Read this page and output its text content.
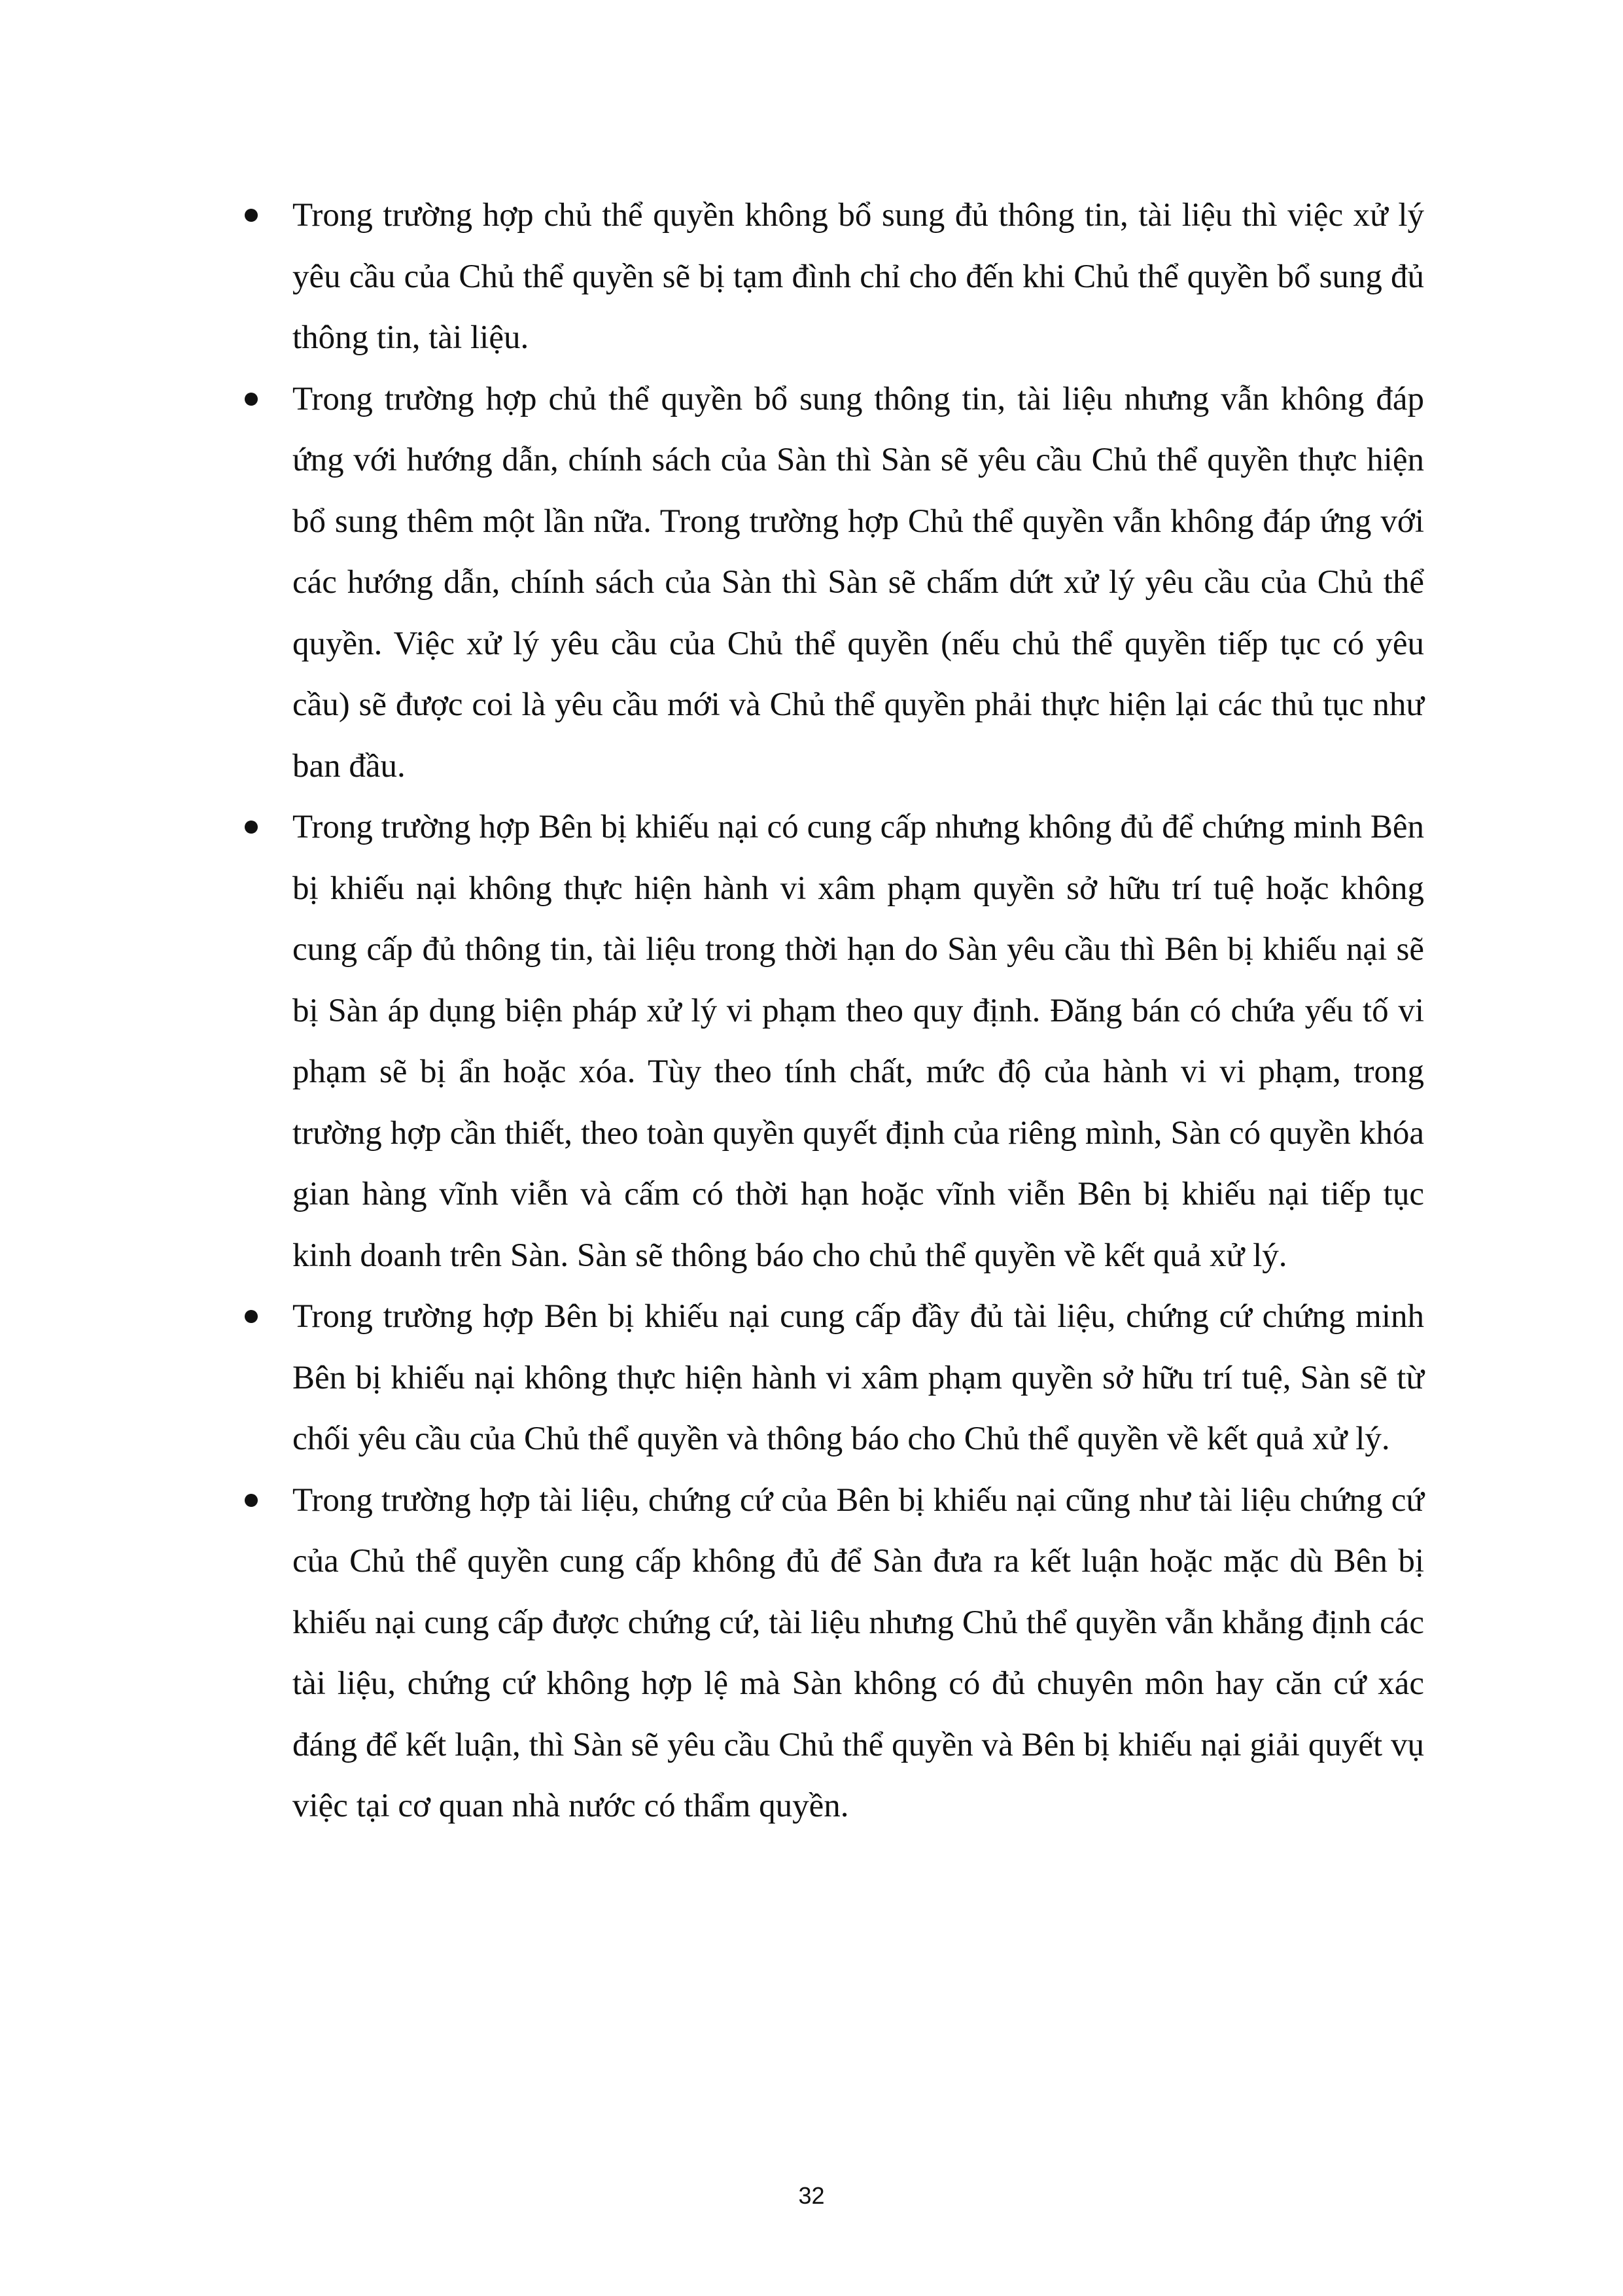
Trong trường hợp chủ thể quyền không bổ sung đủ thông tin, tài liệu thì việc xử lý yêu cầu của Chủ thể quyền sẽ bị tạm đình chỉ cho đến khi Chủ thể quyền bổ sung đủ thông tin, tài liệu.
Trong trường hợp chủ thể quyền bổ sung thông tin, tài liệu nhưng vẫn không đáp ứng với hướng dẫn, chính sách của Sàn thì Sàn sẽ yêu cầu Chủ thể quyền thực hiện bổ sung thêm một lần nữa. Trong trường hợp Chủ thể quyền vẫn không đáp ứng với các hướng dẫn, chính sách của Sàn thì Sàn sẽ chấm dứt xử lý yêu cầu của Chủ thể quyền. Việc xử lý yêu cầu của Chủ thể quyền (nếu chủ thể quyền tiếp tục có yêu cầu) sẽ được coi là yêu cầu mới và Chủ thể quyền phải thực hiện lại các thủ tục như ban đầu.
Trong trường hợp Bên bị khiếu nại có cung cấp nhưng không đủ để chứng minh Bên bị khiếu nại không thực hiện hành vi xâm phạm quyền sở hữu trí tuệ hoặc không cung cấp đủ thông tin, tài liệu trong thời hạn do Sàn yêu cầu thì Bên bị khiếu nại sẽ bị Sàn áp dụng biện pháp xử lý vi phạm theo quy định. Đăng bán có chứa yếu tố vi phạm sẽ bị ẩn hoặc xóa. Tùy theo tính chất, mức độ của hành vi vi phạm, trong trường hợp cần thiết, theo toàn quyền quyết định của riêng mình, Sàn có quyền khóa gian hàng vĩnh viễn và cấm có thời hạn hoặc vĩnh viễn Bên bị khiếu nại tiếp tục kinh doanh trên Sàn. Sàn sẽ thông báo cho chủ thể quyền về kết quả xử lý.
Trong trường hợp Bên bị khiếu nại cung cấp đầy đủ tài liệu, chứng cứ chứng minh Bên bị khiếu nại không thực hiện hành vi xâm phạm quyền sở hữu trí tuệ, Sàn sẽ từ chối yêu cầu của Chủ thể quyền và thông báo cho Chủ thể quyền về kết quả xử lý.
Trong trường hợp tài liệu, chứng cứ của Bên bị khiếu nại cũng như tài liệu chứng cứ của Chủ thể quyền cung cấp không đủ để Sàn đưa ra kết luận hoặc mặc dù Bên bị khiếu nại cung cấp được chứng cứ, tài liệu nhưng Chủ thể quyền vẫn khẳng định các tài liệu, chứng cứ không hợp lệ mà Sàn không có đủ chuyên môn hay căn cứ xác đáng để kết luận, thì Sàn sẽ yêu cầu Chủ thể quyền và Bên bị khiếu nại giải quyết vụ việc tại cơ quan nhà nước có thẩm quyền.
32
